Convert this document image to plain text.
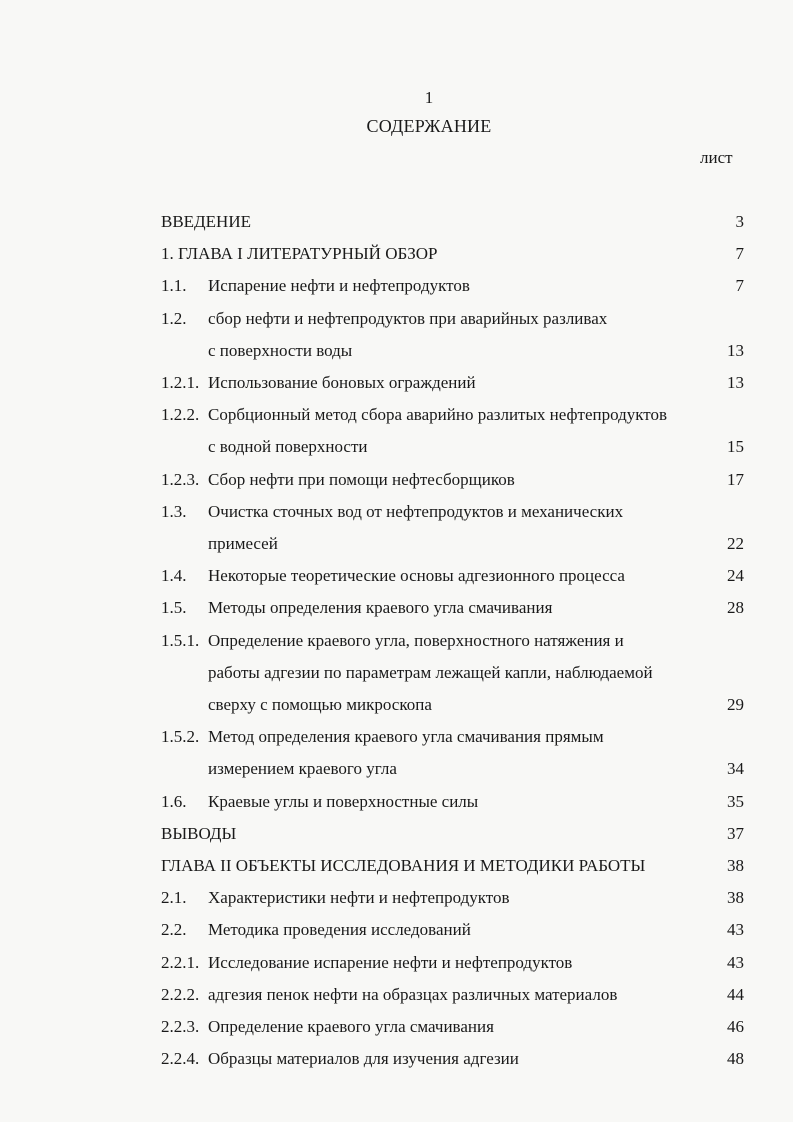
1
СОДЕРЖАНИЕ
лист
ВВЕДЕНИЕ	3
1. ГЛАВА I ЛИТЕРАТУРНЫЙ ОБЗОР	7
1.1. Испарение нефти и нефтепродуктов	7
1.2. сбор нефти и нефтепродуктов при аварийных разливах
с поверхности воды	13
1.2.1. Использование боновых ограждений	13
1.2.2. Сорбционный метод сбора аварийно разлитых нефтепродуктов
с водной поверхности	15
1.2.3. Сбор нефти при помощи нефтесборщиков	17
1.3. Очистка сточных вод от нефтепродуктов и механических
примесей	22
1.4. Некоторые теоретические основы адгезионного процесса	24
1.5. Методы определения краевого угла смачивания	28
1.5.1. Определение краевого угла, поверхностного натяжения и
работы адгезии по параметрам лежащей капли, наблюдаемой
сверху с помощью микроскопа	29
1.5.2. Метод определения краевого угла смачивания прямым
измерением краевого угла	34
1.6. Краевые углы и поверхностные силы	35
ВЫВОДЫ	37
ГЛАВА II ОБЪЕКТЫ ИССЛЕДОВАНИЯ И МЕТОДИКИ РАБОТЫ	38
2.1. Характеристики нефти и нефтепродуктов	38
2.2. Методика проведения исследований	43
2.2.1. Исследование испарение нефти и нефтепродуктов	43
2.2.2. адгезия пенок нефти на образцах различных материалов	44
2.2.3. Определение краевого угла смачивания	46
2.2.4. Образцы материалов для изучения адгезии	48
